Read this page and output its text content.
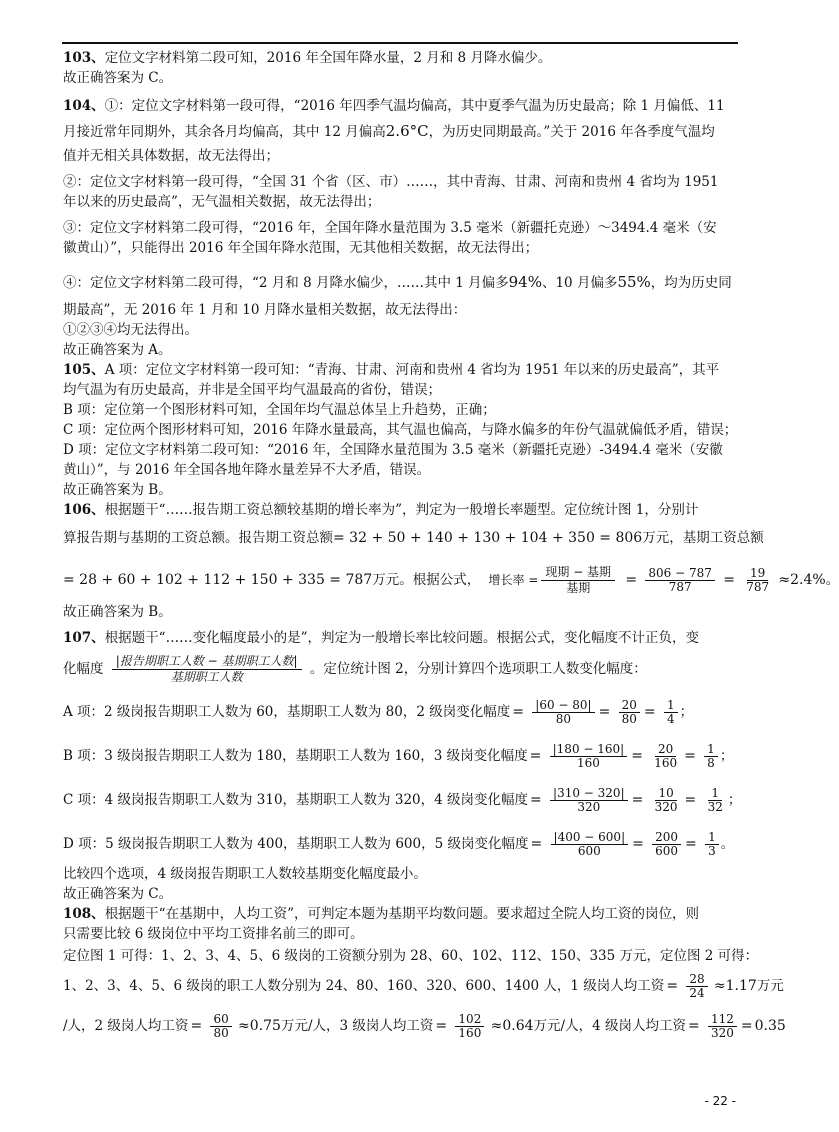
103、定位文字材料第二段可知，2016 年全国年降水量，2 月和 8 月降水偏少。
故正确答案为 C。
104、①：定位文字材料第一段可得，“2016 年四季气温均偏高，其中夏季气温为历史最高；除 1 月偏低、11
月接近常年同期外，其余各月均偏高，其中 12 月偏高2.6°C，为历史同期最高。”关于 2016 年各季度气温均
值并无相关具体数据，故无法得出；
②：定位文字材料第一段可得，“全国 31 个省（区、市）……，其中青海、甘肃、河南和贵州 4 省均为 1951
年以来的历史最高”，无气温相关数据，故无法得出；
③：定位文字材料第二段可得，“2016 年，全国年降水量范围为 3.5 毫米（新疆托克逊）～3494.4 毫米（安
徽黄山）”，只能得出 2016 年全国年降水范围，无其他相关数据，故无法得出；
④：定位文字材料第二段可得，“2 月和 8 月降水偏少，……其中 1 月偏多94%、10 月偏多55%，均为历史同
期最高”，无 2016 年 1 月和 10 月降水量相关数据，故无法得出：
①②③④均无法得出。
故正确答案为 A。
105、A 项：定位文字材料第一段可知：“青海、甘肃、河南和贵州 4 省均为 1951 年以来的历史最高”，其平
均气温为有历史最高，并非是全国平均气温最高的省份，错误；
B 项：定位第一个图形材料可知，全国年均气温总体呈上升趋势，正确；
C 项：定位两个图形材料可知，2016 年降水量最高，其气温也偏高，与降水偏多的年份气温就偏低矛盾，错误；
D 项：定位文字材料第二段可知：“2016 年，全国降水量范围为 3.5 毫米（新疆托克逊）-3494.4 毫米（安徽
黄山）”，与 2016 年全国各地年降水量差异不大矛盾，错误。
故正确答案为 B。
106、根据题干“……报告期工资总额较基期的增长率为”，判定为一般增长率题型。定位统计图 1，分别计
算报告期与基期的工资总额。报告期工资总额= 32 + 50 + 140 + 130 + 104 + 350 = 806万元，基期工资总额
= 28 + 60 + 102 + 112 + 150 + 335 = 787万元。根据公式， 增长率 = $\frac{\text{现期 − 基期}}{\text{基期}} = \frac{806 - 787}{787} = \frac{19}{787} \approx 2.4\%$。
故正确答案为 B。
107、根据题干“……变化幅度最小的是”，判定为一般增长率比较问题。根据公式，变化幅度不计正负，变
化幅度 $\frac{\text{|报告期职工人数 − 基期职工人数|}}{\text{基期职工人数}}$ 。定位统计图 2，分别计算四个选项职工人数变化幅度：
A 项：2 级岗报告期职工人数为 60，基期职工人数为 80，2 级岗变化幅度 = $\frac{|60 - 80|}{80} = \frac{20}{80} = \frac{1}{4}$ ；
B 项：3 级岗报告期职工人数为 180，基期职工人数为 160，3 级岗变化幅度 = $\frac{|180 - 160|}{160} = \frac{20}{160} = \frac{1}{8}$ ；
C 项：4 级岗报告期职工人数为 310，基期职工人数为 320，4 级岗变化幅度 = $\frac{|310 - 320|}{320} = \frac{10}{320} = \frac{1}{32}$ ；
D 项：5 级岗报告期职工人数为 400，基期职工人数为 600，5 级岗变化幅度 = $\frac{|400 - 600|}{600} = \frac{200}{600} = \frac{1}{3}$ 。
比较四个选项，4 级岗报告期职工人数较基期变化幅度最小。
故正确答案为 C。
108、根据题干“在基期中，人均工资”，可判定本题为基期平均数问题。要求超过全院人均工资的岗位，则
只需要比较 6 级岗位中平均工资排名前三的即可。
定位图 1 可得：1、2、3、4、5、6 级岗的工资额分别为 28、60、102、112、150、335 万元，定位图 2 可得：
1、2、3、4、5、6 级岗的职工人数分别为 24、80、160、320、600、1400 人，1 级岗人均工资 = $\frac{28}{24} \approx 1.17$万元
/人，2 级岗人均工资 = $\frac{60}{80} \approx 0.75$万元/人，3 级岗人均工资 = $\frac{102}{160} \approx 0.64$万元/人，4 级岗人均工资 = $\frac{112}{320} = 0.35$
- 22 -
